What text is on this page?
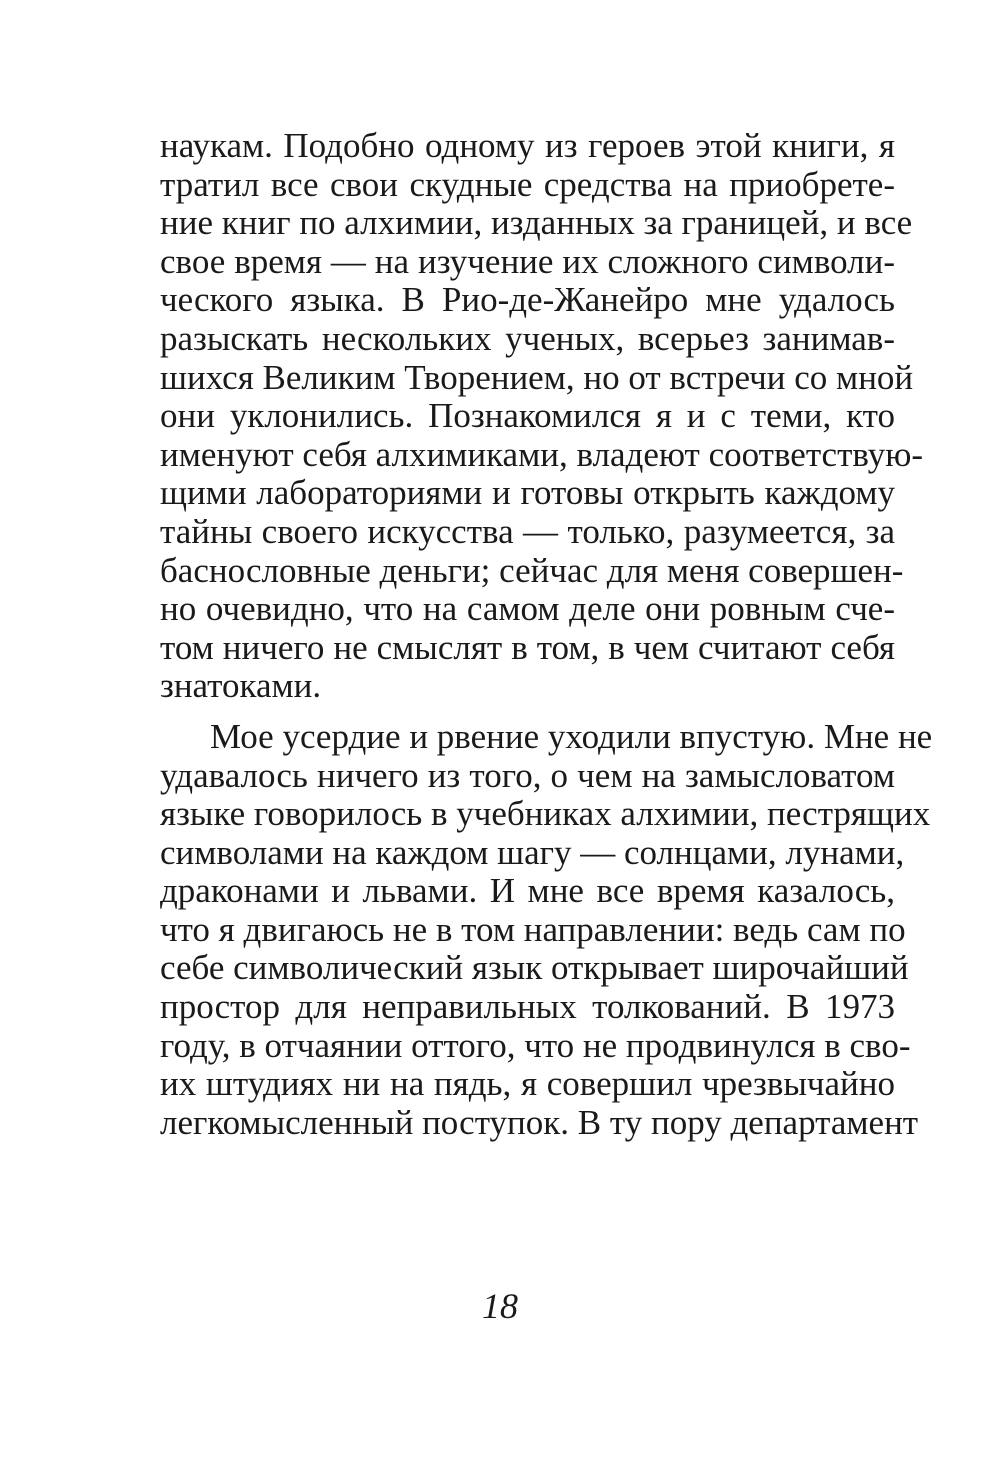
наукам. Подобно одному из героев этой книги, я
тратил все свои скудные средства на приобрете-
ние книг по алхимии, изданных за границей, и все
свое время — на изучение их сложного символи-
ческого языка. В Рио-де-Жанейро мне удалось
разыскать нескольких ученых, всерьез занимав-
шихся Великим Творением, но от встречи со мной
они уклонились. Познакомился я и с теми, кто
именуют себя алхимиками, владеют соответствую-
щими лабораториями и готовы открыть каждому
тайны своего искусства — только, разумеется, за
баснословные деньги; сейчас для меня совершен-
но очевидно, что на самом деле они ровным сче-
том ничего не смыслят в том, в чем считают себя
знатоками.
Мое усердие и рвение уходили впустую. Мне не
удавалось ничего из того, о чем на замысловатом
языке говорилось в учебниках алхимии, пестрящих
символами на каждом шагу — солнцами, лунами,
драконами и львами. И мне все время казалось,
что я двигаюсь не в том направлении: ведь сам по
себе символический язык открывает широчайший
простор для неправильных толкований. В 1973
году, в отчаянии оттого, что не продвинулся в сво-
их штудиях ни на пядь, я совершил чрезвычайно
легкомысленный поступок. В ту пору департамент
18
